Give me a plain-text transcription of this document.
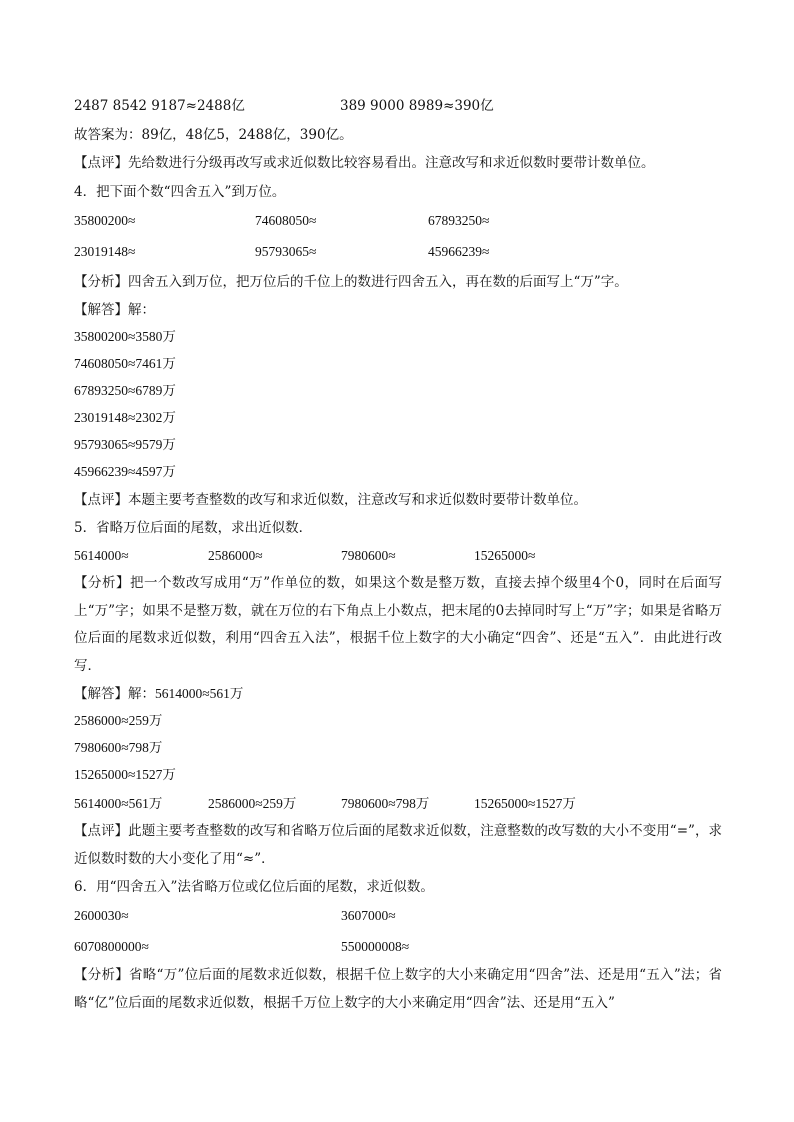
2487 8542 9187≈2488亿	389 9000 8989≈390亿
故答案为：89亿，48亿5，2488亿，390亿。
【点评】先给数进行分级再改写或求近似数比较容易看出。注意改写和求近似数时要带计数单位。
4．把下面个数“四舍五入”到万位。
35800200≈	74608050≈	67893250≈
23019148≈	95793065≈	45966239≈
【分析】四舍五入到万位，把万位后的千位上的数进行四舍五入，再在数的后面写上“万”字。
【解答】解：
35800200≈3580万
74608050≈7461万
67893250≈6789万
23019148≈2302万
95793065≈9579万
45966239≈4597万
【点评】本题主要考查整数的改写和求近似数，注意改写和求近似数时要带计数单位。
5．省略万位后面的尾数，求出近似数．
5614000≈	2586000≈	7980600≈	15265000≈
【分析】把一个数改写成用“万”作单位的数，如果这个数是整万数，直接去掉个级里4个0，同时在后面写上“万”字；如果不是整万数，就在万位的右下角点上小数点，把末尾的0去掉同时写上“万”字；如果是省略万位后面的尾数求近似数，利用“四舍五入法”，根据千位上数字的大小确定“四舍”、还是“五入”．由此进行改写．
【解答】解：5614000≈561万
2586000≈259万
7980600≈798万
15265000≈1527万
5614000≈561万	2586000≈259万	7980600≈798万	15265000≈1527万
【点评】此题主要考查整数的改写和省略万位后面的尾数求近似数，注意整数的改写数的大小不变用“=”，求近似数时数的大小变化了用“≈”．
6．用“四舍五入”法省略万位或亿位后面的尾数，求近似数。
2600030≈	3607000≈
6070800000≈	550000008≈
【分析】省略“万”位后面的尾数求近似数，根据千位上数字的大小来确定用“四舍”法、还是用“五入”法；省略“亿”位后面的尾数求近似数，根据千万位上数字的大小来确定用“四舍”法、还是用“五入”
